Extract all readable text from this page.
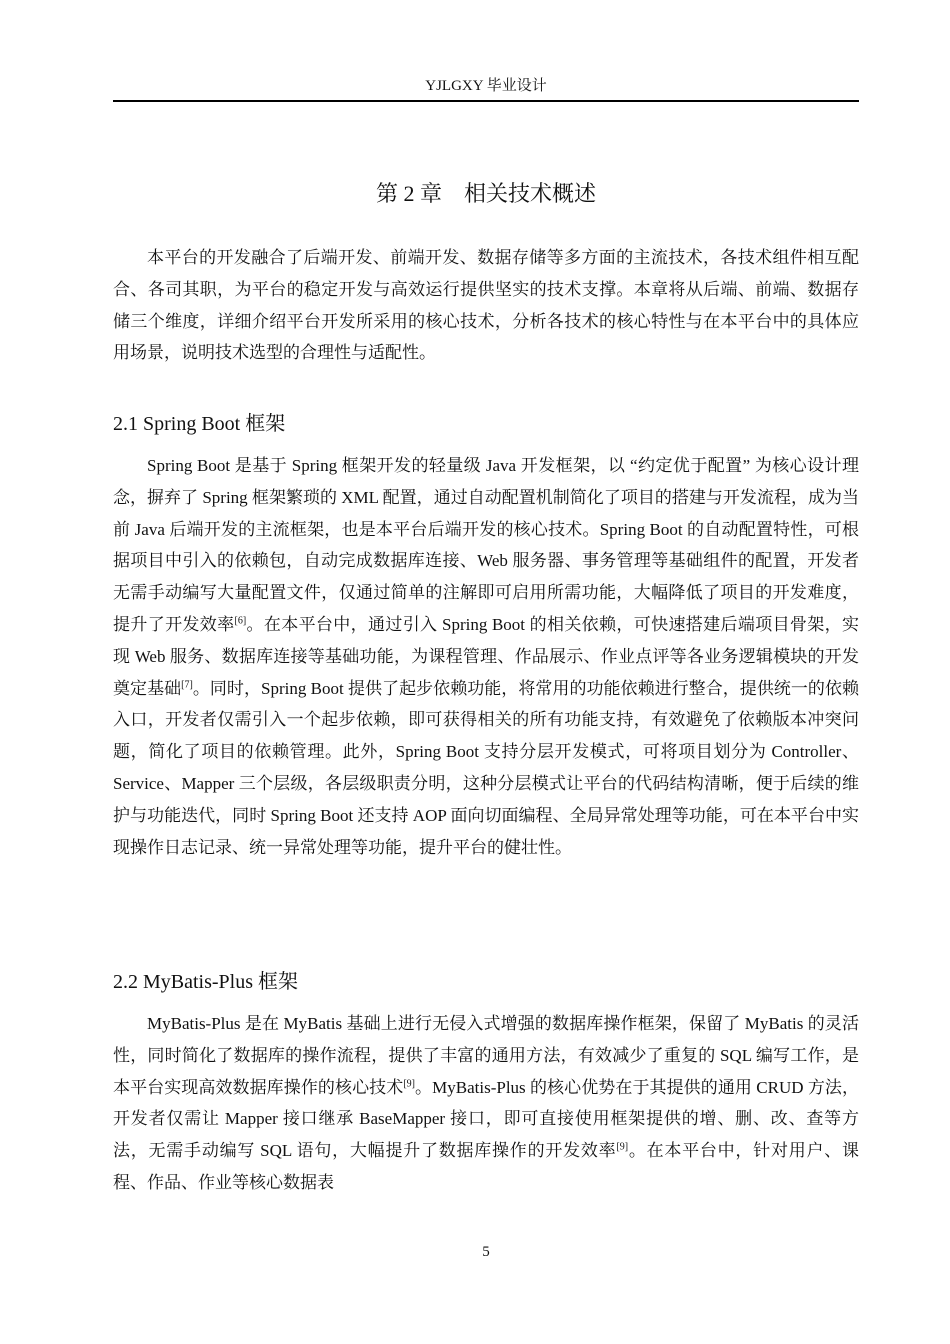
YJLGXY 毕业设计
第 2 章　相关技术概述

本平台的开发融合了后端开发、前端开发、数据存储等多方面的主流技术，各技术组件相互配合、各司其职，为平台的稳定开发与高效运行提供坚实的技术支撑。本章将从后端、前端、数据存储三个维度，详细介绍平台开发所采用的核心技术，分析各技术的核心特性与在本平台中的具体应用场景，说明技术选型的合理性与适配性。

2.1 Spring Boot 框架

Spring Boot 是基于 Spring 框架开发的轻量级 Java 开发框架，以 “约定优于配置” 为核心设计理念，摒弃了 Spring 框架繁琐的 XML 配置，通过自动配置机制简化了项目的搭建与开发流程，成为当前 Java 后端开发的主流框架，也是本平台后端开发的核心技术。Spring Boot 的自动配置特性，可根据项目中引入的依赖包，自动完成数据库连接、Web 服务器、事务管理等基础组件的配置，开发者无需手动编写大量配置文件，仅通过简单的注解即可启用所需功能，大幅降低了项目的开发难度，提升了开发效率[6]。在本平台中，通过引入 Spring Boot 的相关依赖，可快速搭建后端项目骨架，实现 Web 服务、数据库连接等基础功能，为课程管理、作品展示、作业点评等各业务逻辑模块的开发奠定基础[7]。同时，Spring Boot 提供了起步依赖功能，将常用的功能依赖进行整合，提供统一的依赖入口，开发者仅需引入一个起步依赖，即可获得相关的所有功能支持，有效避免了依赖版本冲突问题，简化了项目的依赖管理。此外，Spring Boot 支持分层开发模式，可将项目划分为 Controller、Service、Mapper 三个层级，各层级职责分明，这种分层模式让平台的代码结构清晰，便于后续的维护与功能迭代，同时 Spring Boot 还支持 AOP 面向切面编程、全局异常处理等功能，可在本平台中实现操作日志记录、统一异常处理等功能，提升平台的健壮性。

2.2 MyBatis-Plus 框架

MyBatis-Plus 是在 MyBatis 基础上进行无侵入式增强的数据库操作框架，保留了 MyBatis 的灵活性，同时简化了数据库的操作流程，提供了丰富的通用方法，有效减少了重复的 SQL 编写工作，是本平台实现高效数据库操作的核心技术[9]。MyBatis-Plus 的核心优势在于其提供的通用 CRUD 方法，开发者仅需让 Mapper 接口继承 BaseMapper 接口，即可直接使用框架提供的增、删、改、查等方法，无需手动编写 SQL 语句，大幅提升了数据库操作的开发效率[9]。在本平台中，针对用户、课程、作品、作业等核心数据表

5
